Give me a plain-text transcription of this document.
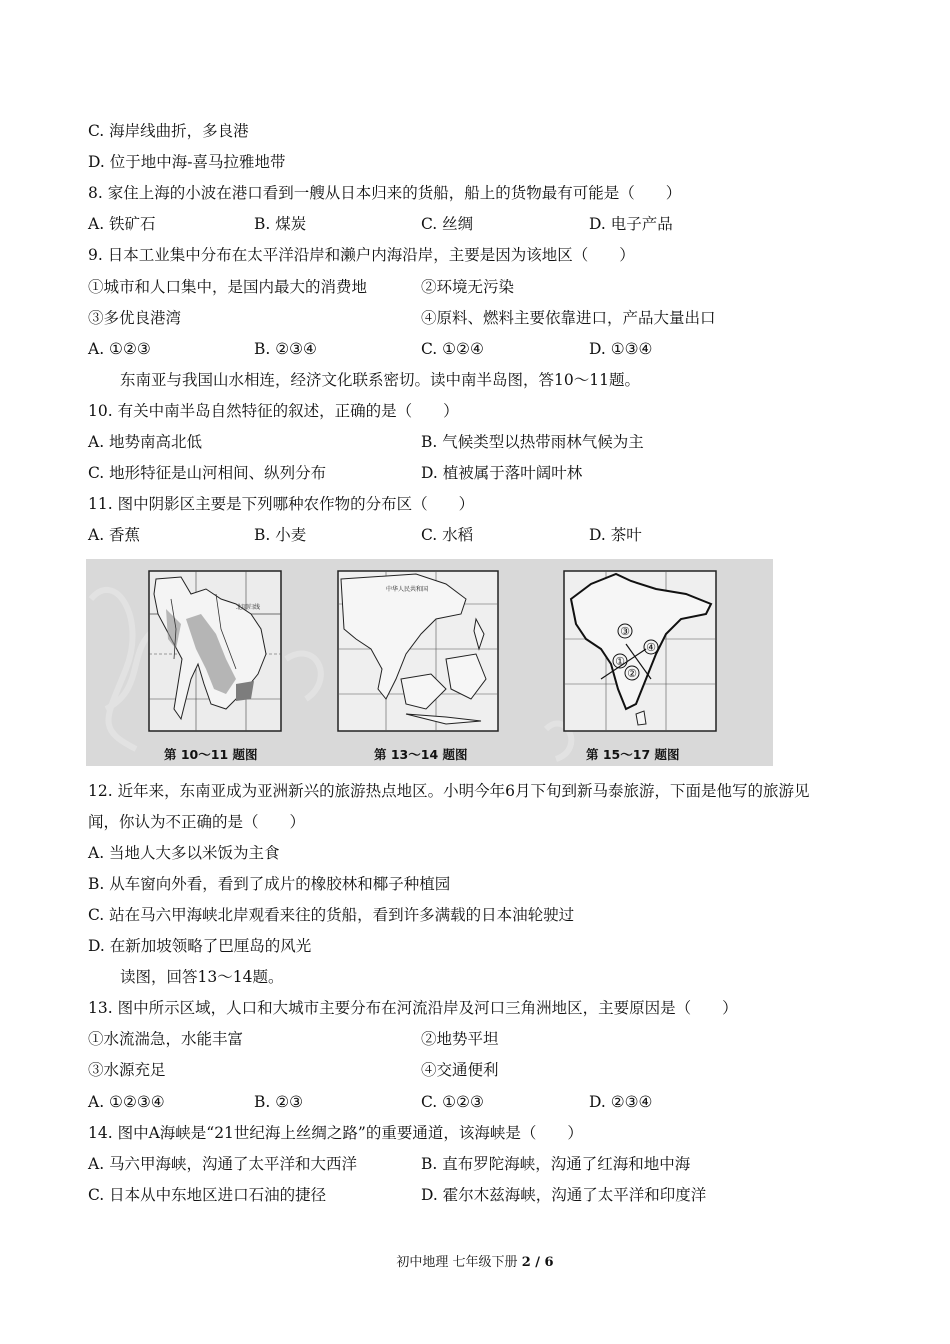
C. 海岸线曲折，多良港
D. 位于地中海-喜马拉雅地带
8. 家住上海的小波在港口看到一艘从日本归来的货船，船上的货物最有可能是（　　）
A. 铁矿石	B. 煤炭	C. 丝绸	D. 电子产品
9. 日本工业集中分布在太平洋沿岸和濑户内海沿岸，主要是因为该地区（　　）
①城市和人口集中，是国内最大的消费地	②环境无污染
③多优良港湾	④原料、燃料主要依靠进口，产品大量出口
A. ①②③	B. ②③④	C. ①②④	D. ①③④
东南亚与我国山水相连，经济文化联系密切。读中南半岛图，答10～11题。
10. 有关中南半岛自然特征的叙述，正确的是（　　）
A. 地势南高北低	B. 气候类型以热带雨林气候为主
C. 地形特征是山河相间、纵列分布	D. 植被属于落叶阔叶林
11. 图中阴影区主要是下列哪种农作物的分布区（　　）
A. 香蕉	B. 小麦	C. 水稻	D. 茶叶
北回归线
中华人民共和国
③
④
①
②
第 10～11 题图	第 13～14 题图	第 15～17 题图
12. 近年来，东南亚成为亚洲新兴的旅游热点地区。小明今年6月下旬到新马泰旅游，下面是他写的旅游见
闻，你认为不正确的是（　　）
A. 当地人大多以米饭为主食
B. 从车窗向外看，看到了成片的橡胶林和椰子种植园
C. 站在马六甲海峡北岸观看来往的货船，看到许多满载的日本油轮驶过
D. 在新加坡领略了巴厘岛的风光
读图，回答13～14题。
13. 图中所示区域，人口和大城市主要分布在河流沿岸及河口三角洲地区，主要原因是（　　）
①水流湍急，水能丰富	②地势平坦
③水源充足	④交通便利
A. ①②③④	B. ②③	C. ①②③	D. ②③④
14. 图中A海峡是“21世纪海上丝绸之路”的重要通道，该海峡是（　　）
A. 马六甲海峡，沟通了太平洋和大西洋	B. 直布罗陀海峡，沟通了红海和地中海
C. 日本从中东地区进口石油的捷径	D. 霍尔木兹海峡，沟通了太平洋和印度洋
初中地理 七年级下册 2 / 6
